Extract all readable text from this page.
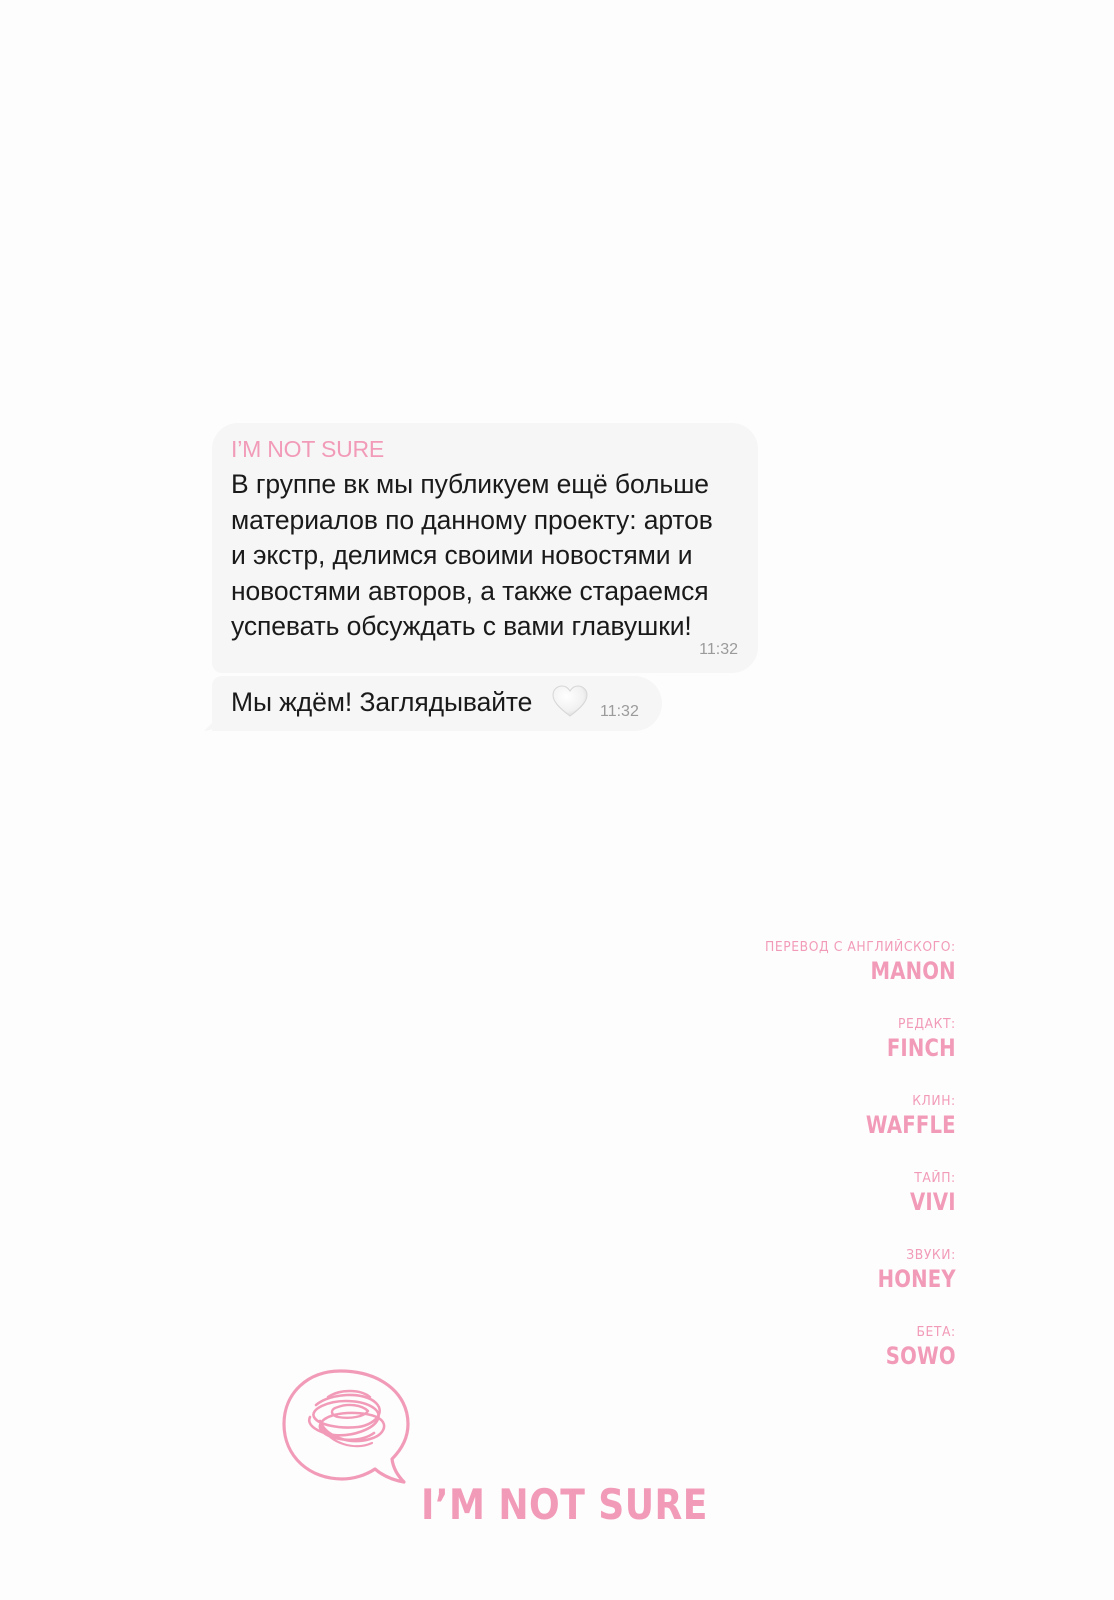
I’M NOT SURE
В группе вк мы публикуем ещё больше
материалов по данному проекту: артов
и экстр, делимся своими новостями и
новостями авторов, а также стараемся
успевать обсуждать с вами главушки!
11:32
Мы ждём! Заглядывайте	11:32
ПЕРЕВОД С АНГЛИЙСКОГО:
MANON
РЕДАКТ:
FINCH
КЛИН:
WAFFLE
ТАЙП:
VIVI
ЗВУКИ:
HONEY
БЕТА:
SOWO
I’M NOT SURE
